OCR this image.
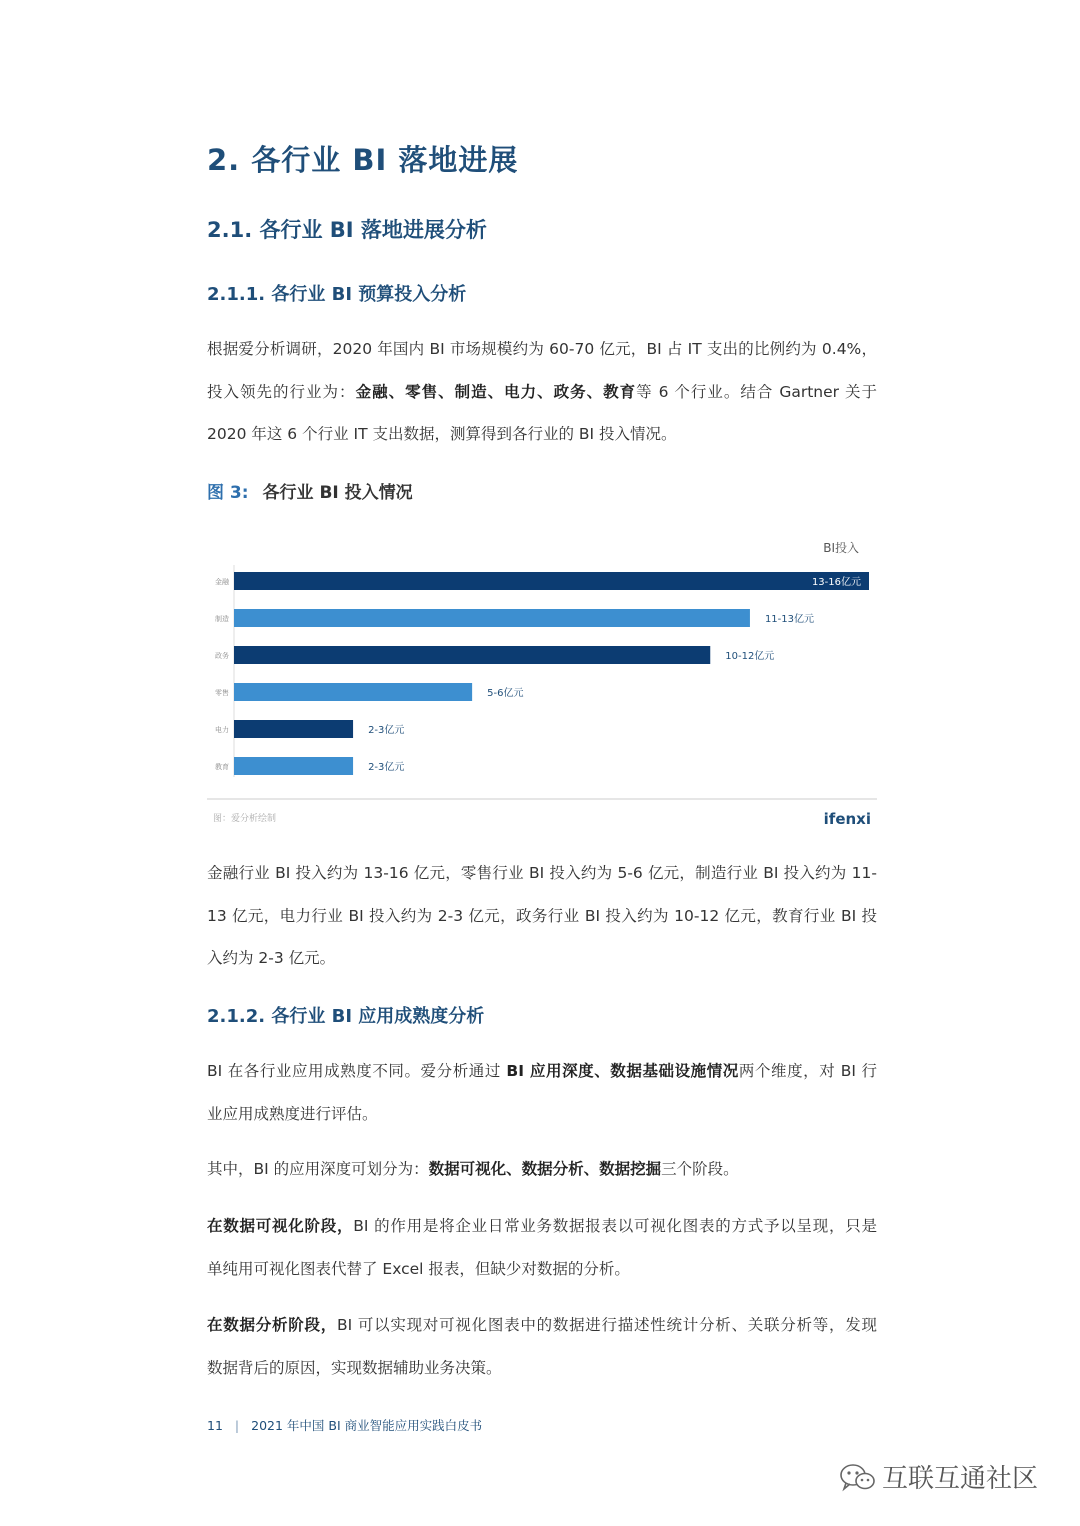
2. 各行业 BI 落地进展
2.1. 各行业 BI 落地进展分析
2.1.1. 各行业 BI 预算投入分析

根据爱分析调研，2020 年国内 BI 市场规模约为 60-70 亿元，BI 占 IT 支出的比例约为 0.4%，
投入领先的行业为：金融、零售、制造、电力、政务、教育等 6 个行业。结合 Gartner 关于
2020 年这 6 个行业 IT 支出数据，测算得到各行业的 BI 投入情况。

图 3: 各行业 BI 投入情况
BI投入
金融	13-16亿元
制造	11-13亿元
政务	10-12亿元
零售	5-6亿元
电力	2-3亿元
教育	2-3亿元
图：爱分析绘制	ifenxi

金融行业 BI 投入约为 13-16 亿元，零售行业 BI 投入约为 5-6 亿元，制造行业 BI 投入约为 11-
13 亿元，电力行业 BI 投入约为 2-3 亿元，政务行业 BI 投入约为 10-12 亿元，教育行业 BI 投
入约为 2-3 亿元。

2.1.2. 各行业 BI 应用成熟度分析

BI 在各行业应用成熟度不同。爱分析通过 BI 应用深度、数据基础设施情况两个维度，对 BI 行
业应用成熟度进行评估。

其中，BI 的应用深度可划分为：数据可视化、数据分析、数据挖掘三个阶段。

在数据可视化阶段，BI 的作用是将企业日常业务数据报表以可视化图表的方式予以呈现，只是
单纯用可视化图表代替了 Excel 报表，但缺少对数据的分析。

在数据分析阶段，BI 可以实现对可视化图表中的数据进行描述性统计分析、关联分析等，发现
数据背后的原因，实现数据辅助业务决策。

11 | 2021 年中国 BI 商业智能应用实践白皮书
互联互通社区
